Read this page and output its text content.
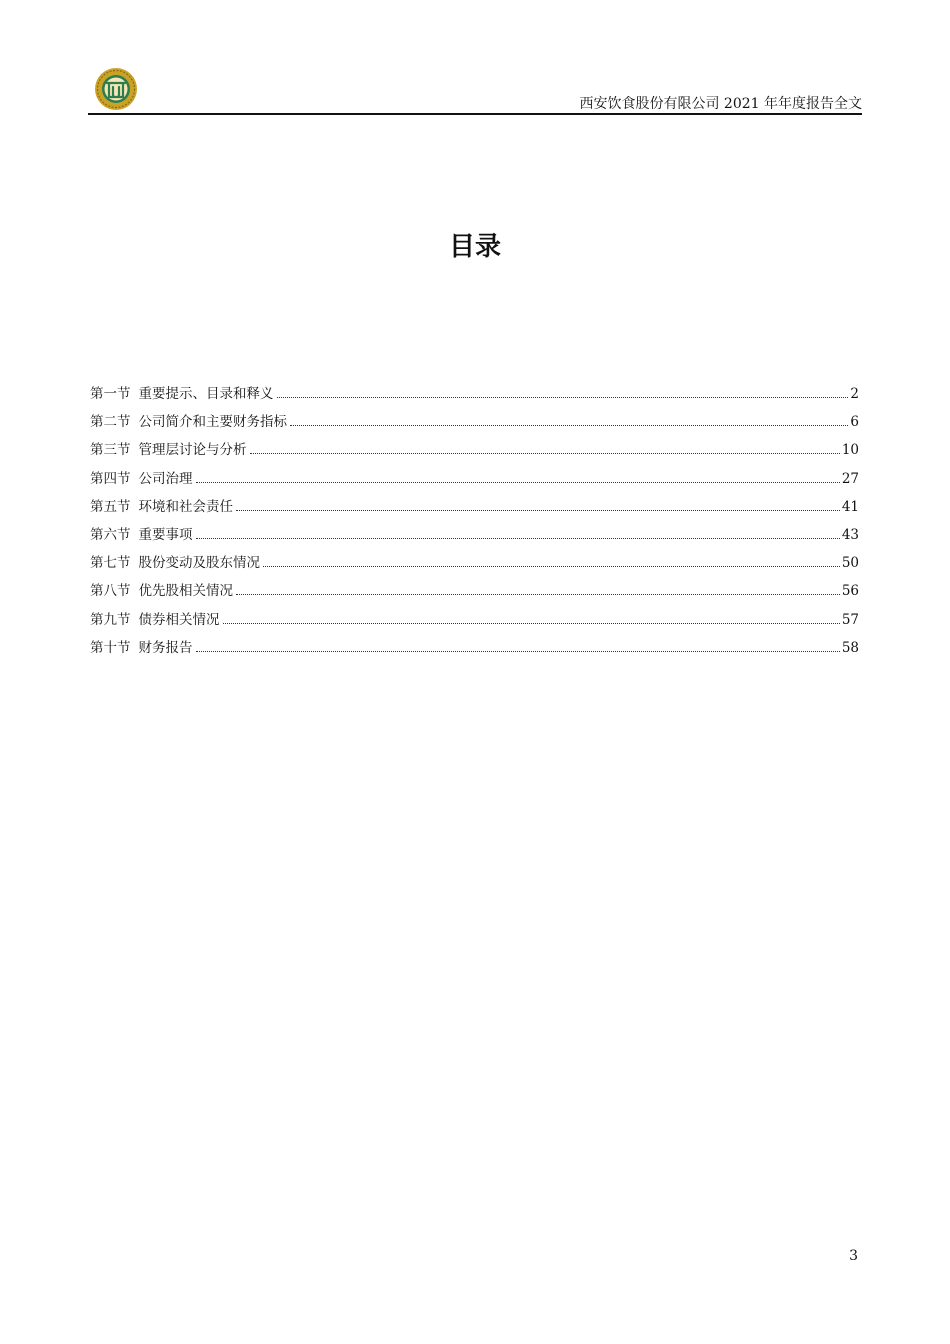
西安饮食股份有限公司 2021 年年度报告全文
目录
第一节 重要提示、目录和释义	2
第二节 公司简介和主要财务指标	6
第三节 管理层讨论与分析	10
第四节 公司治理	27
第五节 环境和社会责任	41
第六节 重要事项	43
第七节 股份变动及股东情况	50
第八节 优先股相关情况	56
第九节 债券相关情况	57
第十节 财务报告	58
3
